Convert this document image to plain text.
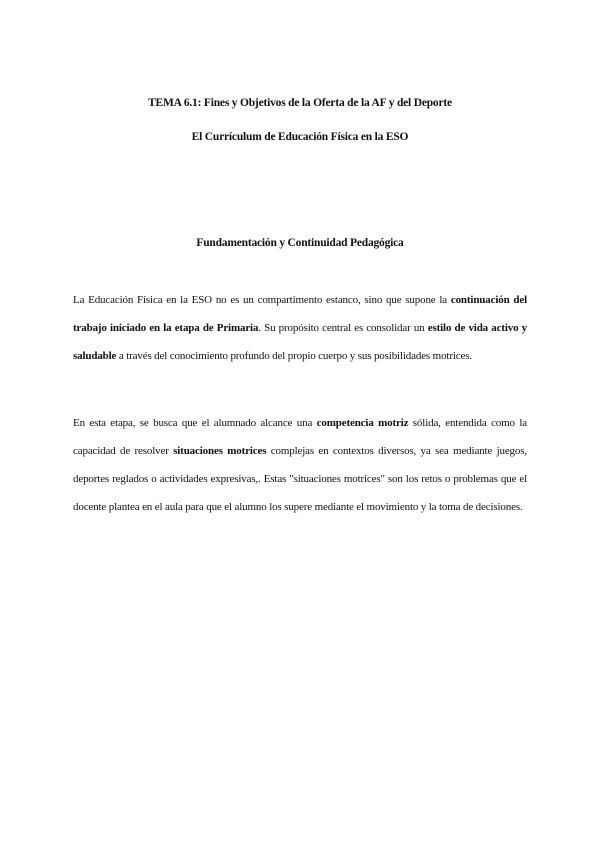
TEMA 6.1: Fines y Objetivos de la Oferta de la AF y del Deporte
El Currículum de Educación Física en la ESO
Fundamentación y Continuidad Pedagógica

La Educación Física en la ESO no es un compartimento estanco, sino que supone la continuación del trabajo iniciado en la etapa de Primaria. Su propósito central es consolidar un estilo de vida activo y saludable a través del conocimiento profundo del propio cuerpo y sus posibilidades motrices.

En esta etapa, se busca que el alumnado alcance una competencia motriz sólida, entendida como la capacidad de resolver situaciones motrices complejas en contextos diversos, ya sea mediante juegos, deportes reglados o actividades expresivas,. Estas "situaciones motrices" son los retos o problemas que el docente plantea en el aula para que el alumno los supere mediante el movimiento y la toma de decisiones.
